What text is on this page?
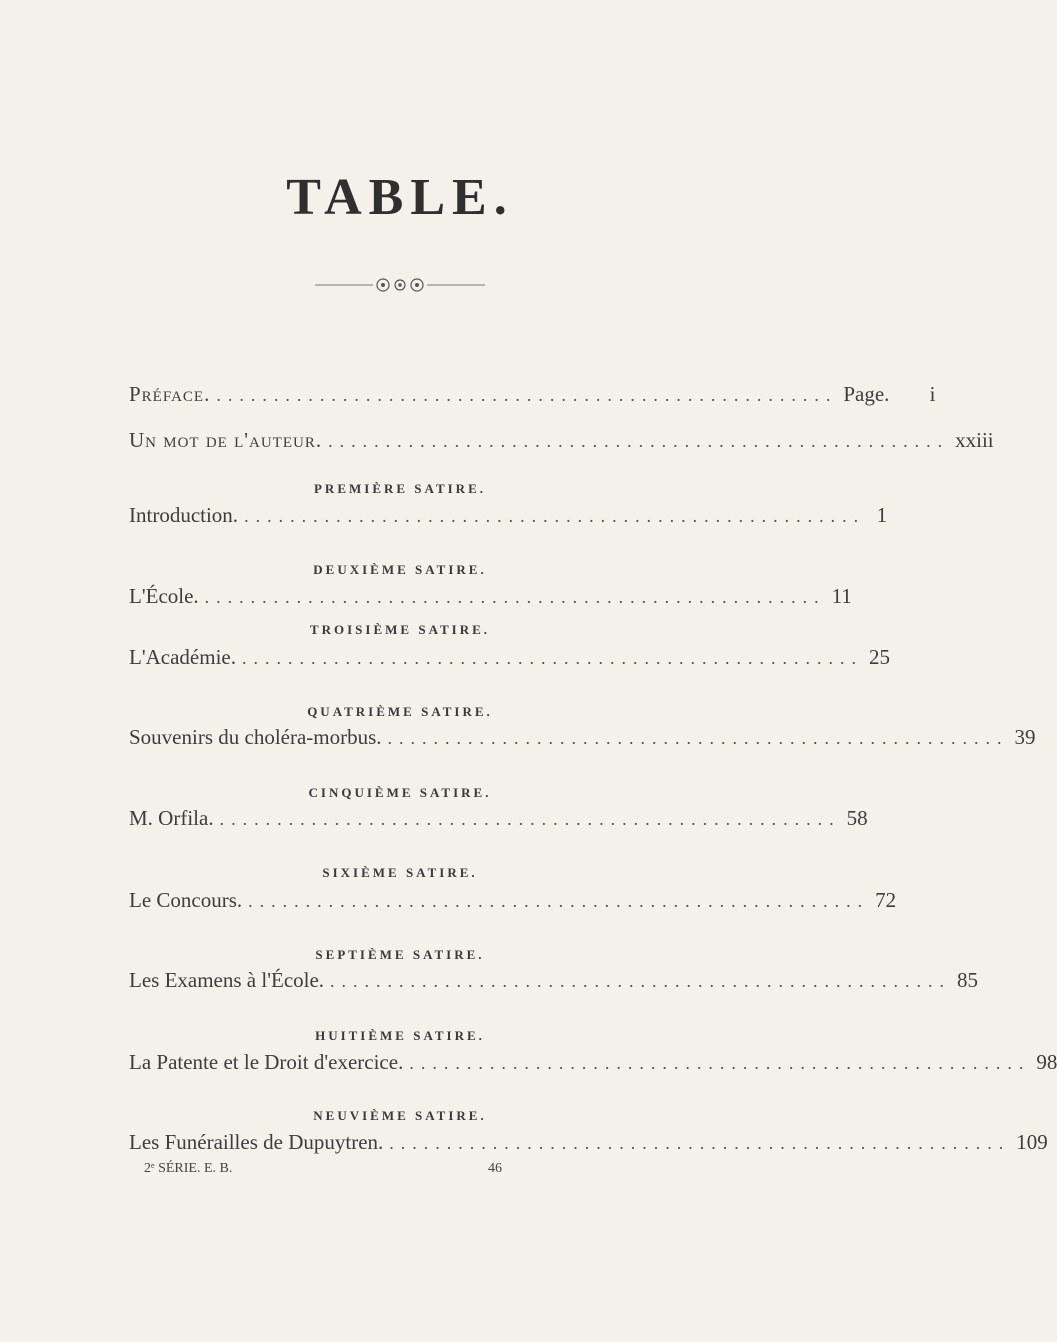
TABLE.
Préface. ...................................................... Page.	i
Un mot de l'auteur. ...................................................... xxiii
PREMIÈRE SATIRE.
Introduction. ...................................................... 1
DEUXIÈME SATIRE.
L'École. ...................................................... 11
TROISIÈME SATIRE.
L'Académie. ...................................................... 25
QUATRIÈME SATIRE.
Souvenirs du choléra-morbus. ...................................................... 39
CINQUIÈME SATIRE.
M. Orfila. ...................................................... 58
SIXIÈME SATIRE.
Le Concours. ...................................................... 72
SEPTIÈME SATIRE.
Les Examens à l'École. ...................................................... 85
HUITIÈME SATIRE.
La Patente et le Droit d'exercice. ...................................................... 98
NEUVIÈME SATIRE.
Les Funérailles de Dupuytren. ...................................................... 109
2ᵉ SÉRIE. E. B.	46
